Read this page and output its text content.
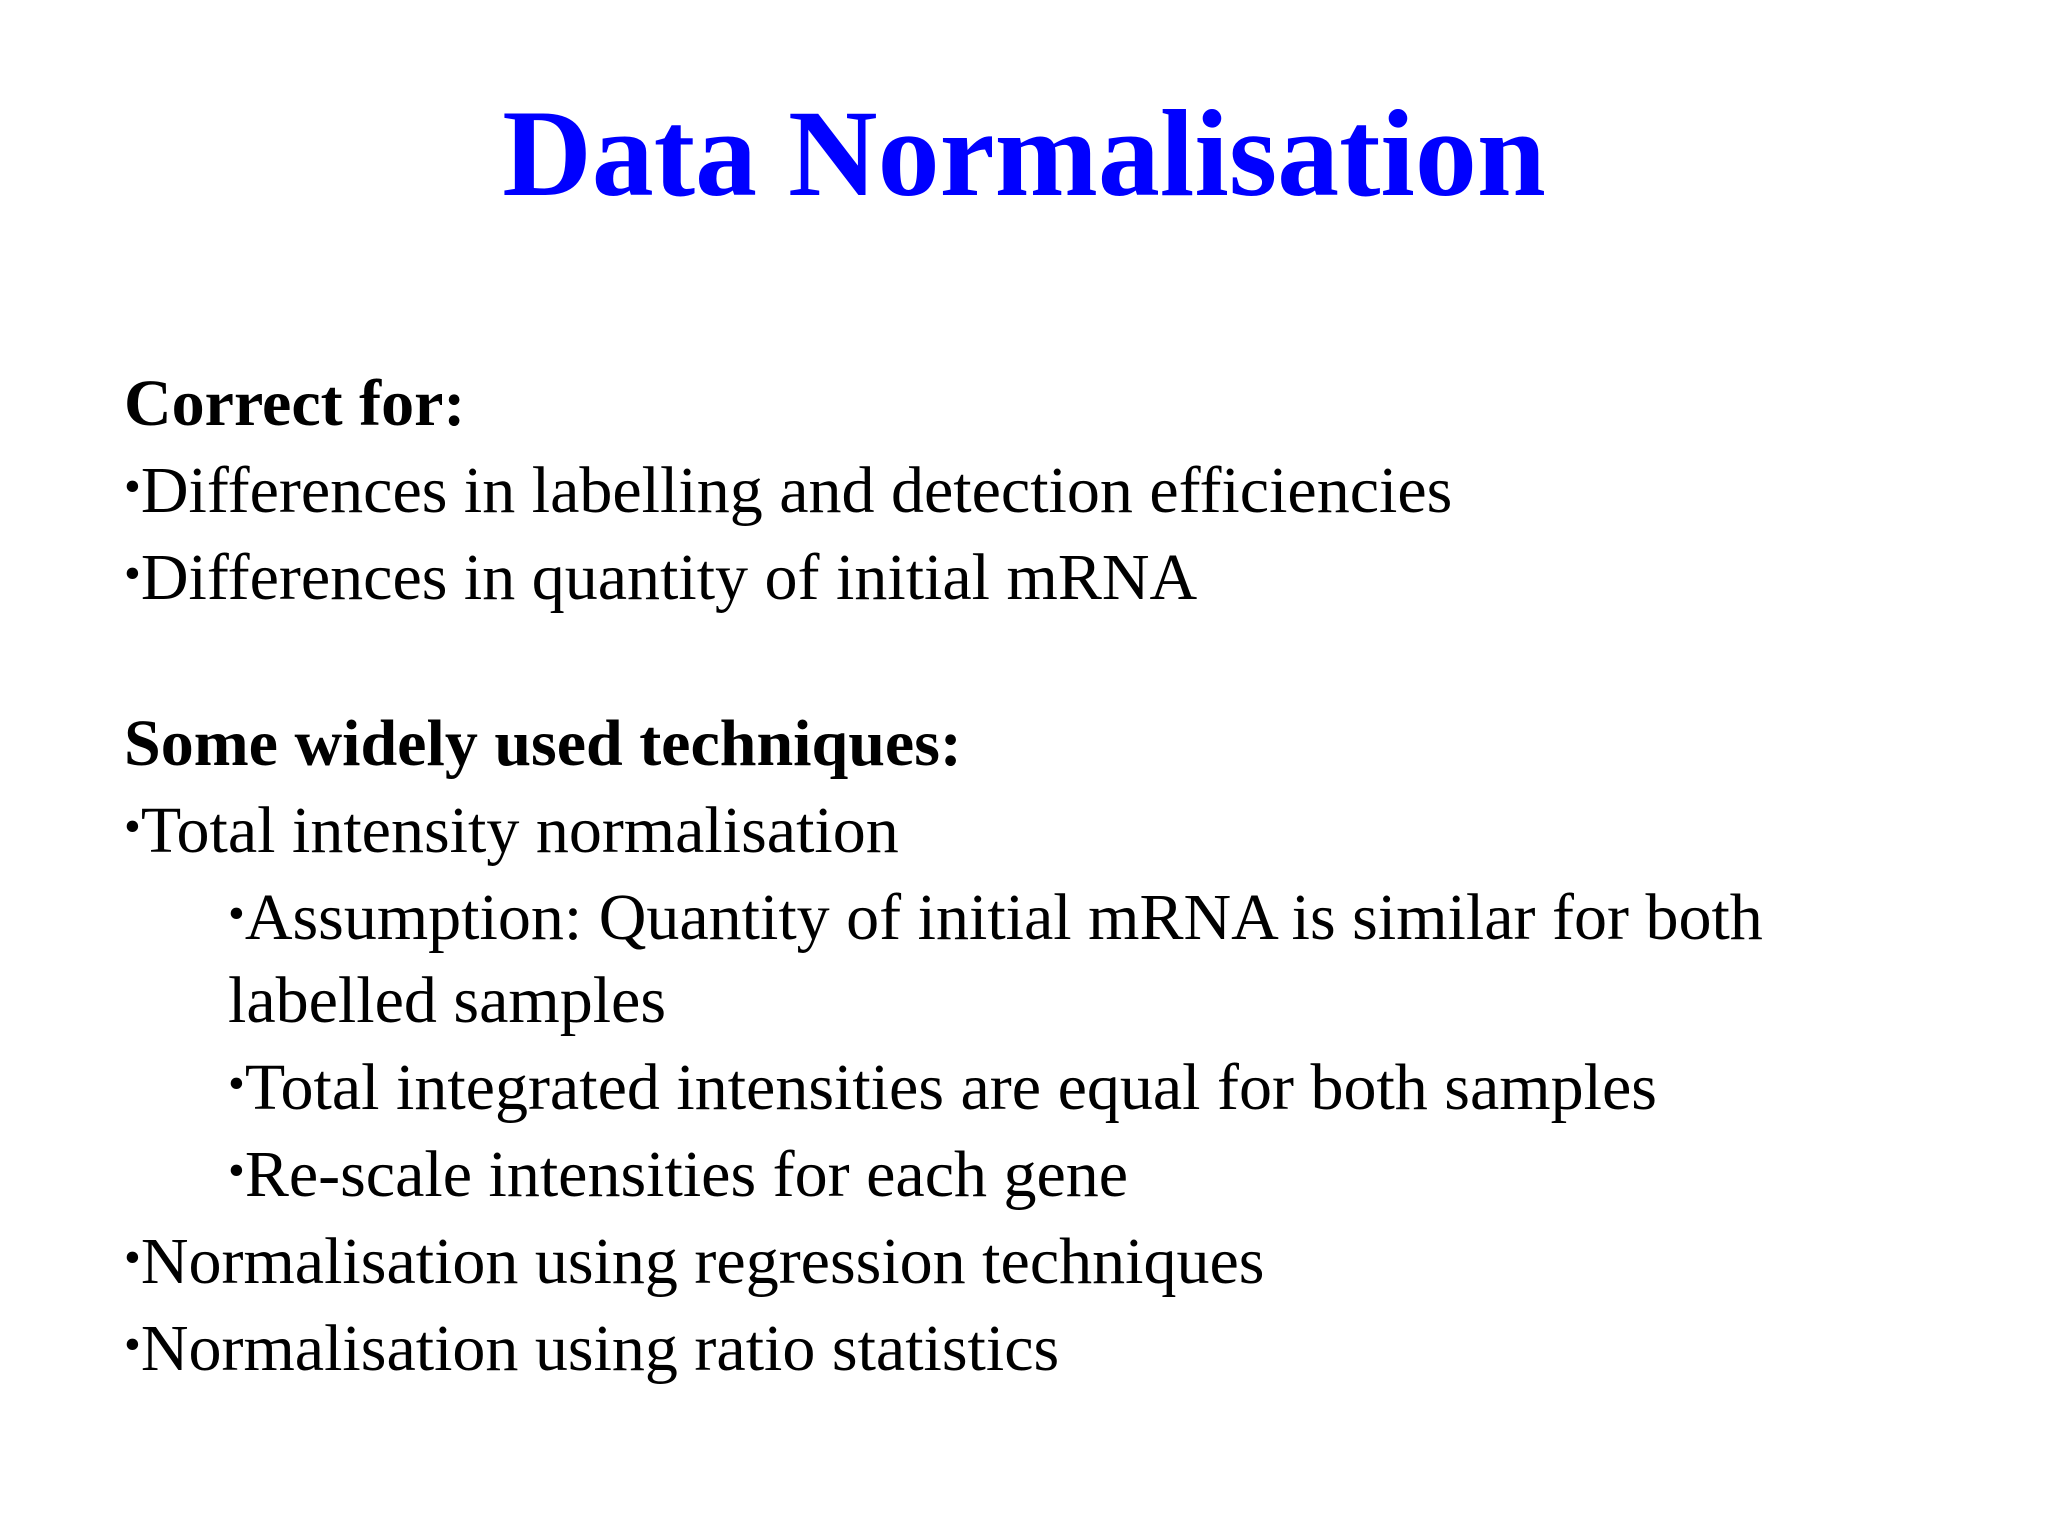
Data Normalisation
Correct for:
•Differences in labelling and detection efficiencies
•Differences in quantity of initial mRNA
Some widely used techniques:
•Total intensity normalisation
•Assumption: Quantity of initial mRNA is similar for both labelled samples
•Total integrated intensities are equal for both samples
•Re-scale intensities for each gene
•Normalisation using regression techniques
•Normalisation using ratio statistics
